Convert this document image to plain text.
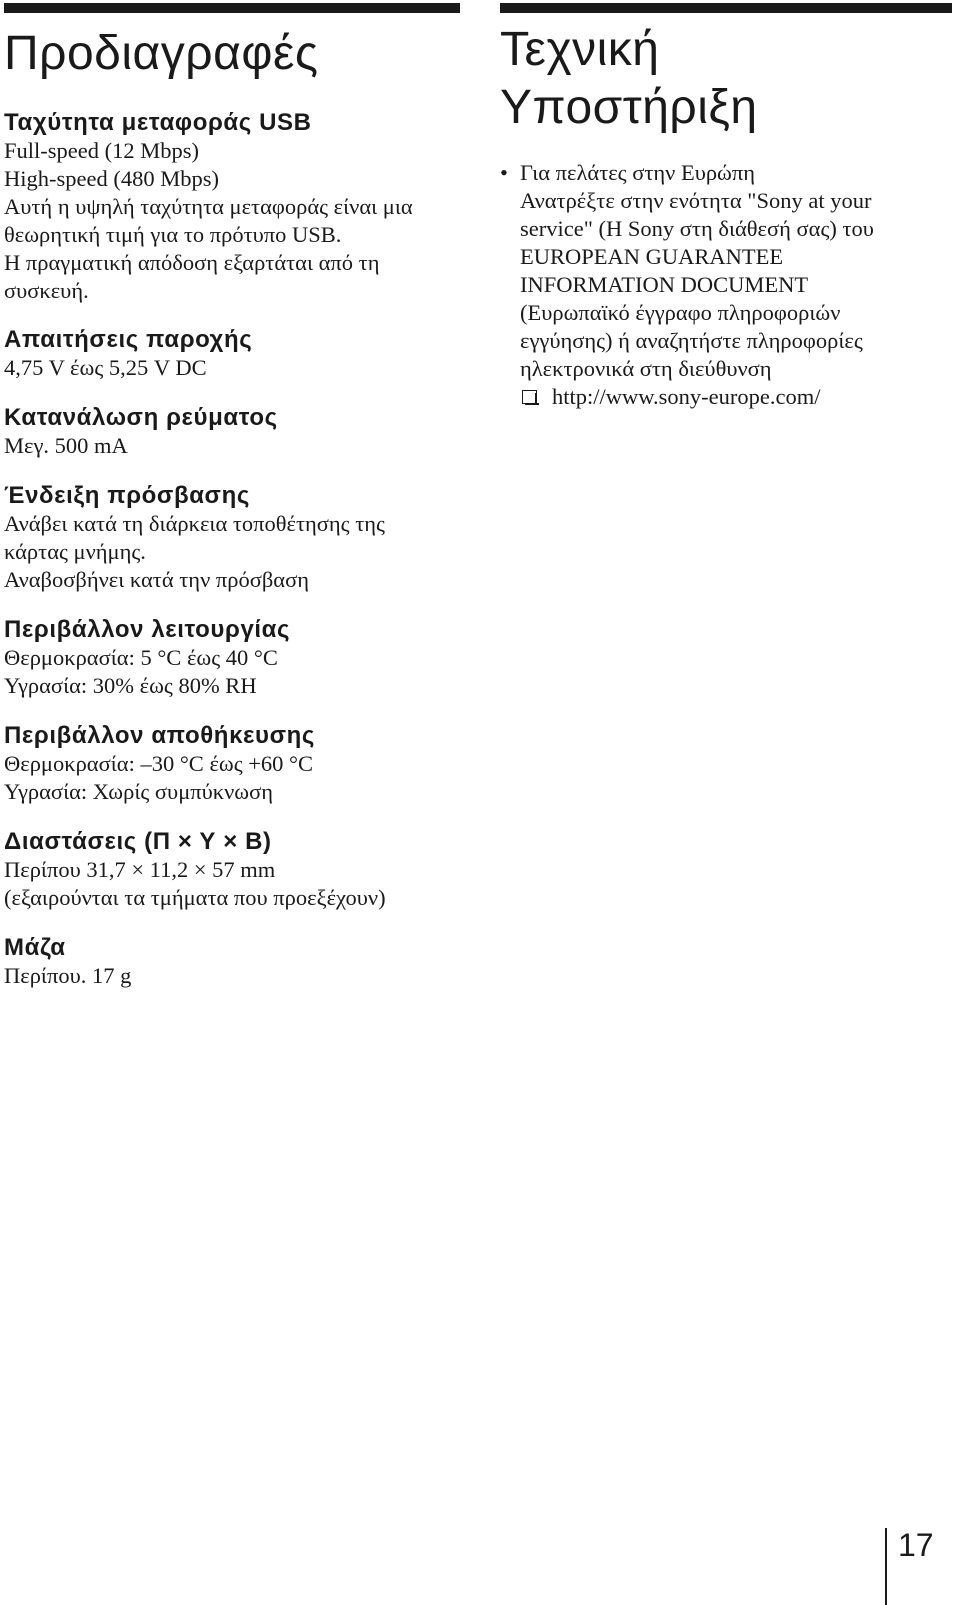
Προδιαγραφές
Ταχύτητα μεταφοράς USB

Full-speed (12 Mbps)

High-speed (480 Mbps)

Αυτή η υψηλή ταχύτητα μεταφοράς είναι μια

θεωρητική τιμή για το πρότυπο USB.

Η πραγματική απόδοση εξαρτάται από τη

συσκευή.

Απαιτήσεις παροχής

4,75 V έως 5,25 V DC

Κατανάλωση ρεύματος

Μεγ. 500 mA

Ένδειξη πρόσβασης

Ανάβει κατά τη διάρκεια τοποθέτησης της

κάρτας μνήμης.

Αναβοσβήνει κατά την πρόσβαση

Περιβάλλον λειτουργίας

Θερμοκρασία: 5 °C έως 40 °C

Υγρασία: 30% έως 80% RH

Περιβάλλον αποθήκευσης

Θερμοκρασία: –30 °C έως +60 °C

Υγρασία: Χωρίς συμπύκνωση

Διαστάσεις (Π × Υ × Β)

Περίπου 31,7 × 11,2 × 57 mm

(εξαιρούνται τα τμήματα που προεξέχουν)

Μάζα

Περίπου. 17 g

Τεχνική
Υποστήριξη
• Για πελάτες στην Ευρώπη

Ανατρέξτε στην ενότητα "Sony at your

service" (Η Sony στη διάθεσή σας) του

EUROPEAN GUARANTEE

INFORMATION DOCUMENT

(Ευρωπαϊκό έγγραφο πληροφοριών

εγγύησης) ή αναζητήστε πληροφορίες

ηλεκτρονικά στη διεύθυνση

http://www.sony-europe.com/

17
